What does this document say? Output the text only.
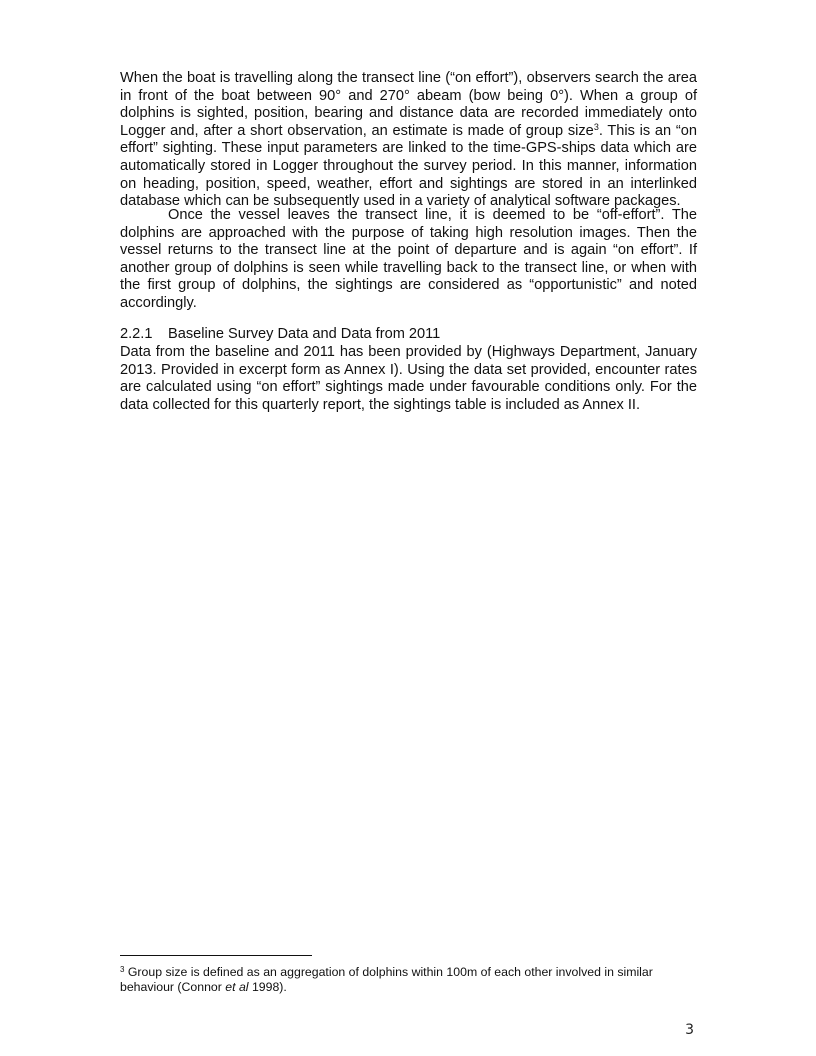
When the boat is travelling along the transect line (“on effort”), observers search the area in front of the boat between 90° and 270° abeam (bow being 0°). When a group of dolphins is sighted, position, bearing and distance data are recorded immediately onto Logger and, after a short observation, an estimate is made of group size$^3$. This is an “on effort” sighting. These input parameters are linked to the time-GPS-ships data which are automatically stored in Logger throughout the survey period. In this manner, information on heading, position, speed, weather, effort and sightings are stored in an interlinked database which can be subsequently used in a variety of analytical software packages.

Once the vessel leaves the transect line, it is deemed to be “off-effort”. The dolphins are approached with the purpose of taking high resolution images. Then the vessel returns to the transect line at the point of departure and is again “on effort”. If another group of dolphins is seen while travelling back to the transect line, or when with the first group of dolphins, the sightings are considered as “opportunistic” and noted accordingly.

2.2.1 Baseline Survey Data and Data from 2011

Data from the baseline and 2011 has been provided by (Highways Department, January 2013. Provided in excerpt form as Annex I). Using the data set provided, encounter rates are calculated using “on effort” sightings made under favourable conditions only. For the data collected for this quarterly report, the sightings table is included as Annex II.

$^3$ Group size is defined as an aggregation of dolphins within 100m of each other involved in similar behaviour (Connor et al 1998).
3
